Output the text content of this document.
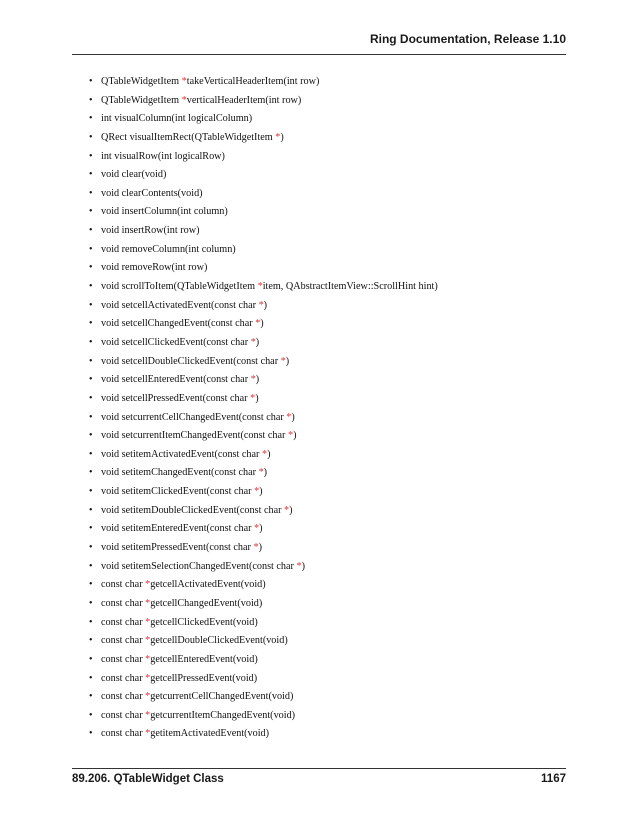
Ring Documentation, Release 1.10
• QTableWidgetItem *takeVerticalHeaderItem(int row)
• QTableWidgetItem *verticalHeaderItem(int row)
• int visualColumn(int logicalColumn)
• QRect visualItemRect(QTableWidgetItem *)
• int visualRow(int logicalRow)
• void clear(void)
• void clearContents(void)
• void insertColumn(int column)
• void insertRow(int row)
• void removeColumn(int column)
• void removeRow(int row)
• void scrollToItem(QTableWidgetItem *item, QAbstractItemView::ScrollHint hint)
• void setcellActivatedEvent(const char *)
• void setcellChangedEvent(const char *)
• void setcellClickedEvent(const char *)
• void setcellDoubleClickedEvent(const char *)
• void setcellEnteredEvent(const char *)
• void setcellPressedEvent(const char *)
• void setcurrentCellChangedEvent(const char *)
• void setcurrentItemChangedEvent(const char *)
• void setitemActivatedEvent(const char *)
• void setitemChangedEvent(const char *)
• void setitemClickedEvent(const char *)
• void setitemDoubleClickedEvent(const char *)
• void setitemEnteredEvent(const char *)
• void setitemPressedEvent(const char *)
• void setitemSelectionChangedEvent(const char *)
• const char *getcellActivatedEvent(void)
• const char *getcellChangedEvent(void)
• const char *getcellClickedEvent(void)
• const char *getcellDoubleClickedEvent(void)
• const char *getcellEnteredEvent(void)
• const char *getcellPressedEvent(void)
• const char *getcurrentCellChangedEvent(void)
• const char *getcurrentItemChangedEvent(void)
• const char *getitemActivatedEvent(void)
89.206. QTableWidget Class	1167
